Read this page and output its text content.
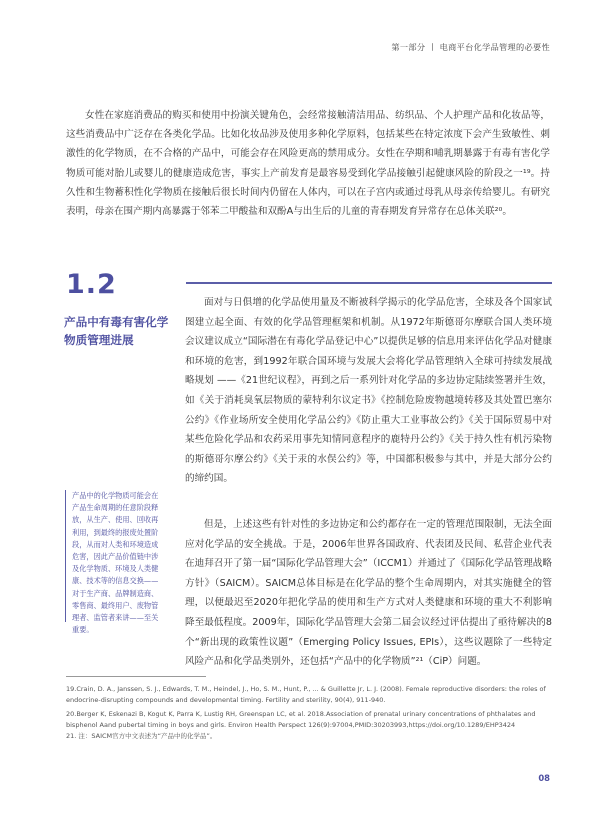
第一部分 丨 电商平台化学品管理的必要性
女性在家庭消费品的购买和使用中扮演关键角色，会经常接触清洁用品、纺织品、个人护理产品和化妆品等，这些消费品中广泛存在各类化学品。比如化妆品涉及使用多种化学原料，包括某些在特定浓度下会产生致敏性、刺激性的化学物质，在不合格的产品中，可能会存在风险更高的禁用成分。女性在孕期和哺乳期暴露于有毒有害化学物质可能对胎儿或婴儿的健康造成危害，事实上产前发育是最容易受到化学品接触引起健康风险的阶段之一¹⁹。持久性和生物蓄积性化学物质在接触后很长时间内仍留在人体内，可以在子宫内或通过母乳从母亲传给婴儿。有研究表明，母亲在围产期内高暴露于邻苯二甲酸盐和双酚A与出生后的儿童的青春期发育异常存在总体关联²⁰。
1.2
产品中有毒有害化学物质管理进展
面对与日俱增的化学品使用量及不断被科学揭示的化学品危害，全球及各个国家试图建立起全面、有效的化学品管理框架和机制。从1972年斯德哥尔摩联合国人类环境会议建议成立“国际潜在有毒化学品登记中心”以提供足够的信息用来评估化学品对健康和环境的危害，到1992年联合国环境与发展大会将化学品管理纳入全球可持续发展战略规划 ——《21世纪议程》，再到之后一系列针对化学品的多边协定陆续签署并生效，如《关于消耗臭氧层物质的蒙特利尔议定书》《控制危险废物越境转移及其处置巴塞尔公约》《作业场所安全使用化学品公约》《防止重大工业事故公约》《关于国际贸易中对某些危险化学品和农药采用事先知情同意程序的鹿特丹公约》《关于持久性有机污染物的斯德哥尔摩公约》《关于汞的水俣公约》等，中国都积极参与其中，并是大部分公约的缔约国。
产品中的化学物质可能会在产品生命周期的任意阶段释放，从生产、使用、回收再利用，到最终的报废处置阶段，从而对人类和环境造成危害，因此产品价值链中涉及化学物质、环境及人类健康、技术等的信息交换——对于生产商、品牌制造商、零售商、最终用户、废物管理者、监管者来讲——至关重要。
但是，上述这些有针对性的多边协定和公约都存在一定的管理范围限制，无法全面应对化学品的安全挑战。于是，2006年世界各国政府、代表团及民间、私营企业代表在迪拜召开了第一届“国际化学品管理大会”（ICCM1）并通过了《国际化学品管理战略方针》（SAICM）。SAICM总体目标是在化学品的整个生命周期内，对其实施健全的管理，以便最迟至2020年把化学品的使用和生产方式对人类健康和环境的重大不利影响降至最低程度。2009年，国际化学品管理大会第二届会议经过评估提出了亟待解决的8个“新出现的政策性议题”（Emerging Policy Issues, EPIs），这些议题除了一些特定风险产品和化学品类别外，还包括“产品中的化学物质”²¹（CiP）问题。

19.Crain, D. A., Janssen, S. J., Edwards, T. M., Heindel, J., Ho, S. M., Hunt, P., ... & Guillette Jr, L. J. (2008). Female reproductive disorders: the roles of endocrine-disrupting compounds and developmental timing. Fertility and sterility, 90(4), 911-940.

20.Berger K, Eskenazi B, Kogut K, Parra K, Lustig RH, Greenspan LC, et al. 2018.Association of prenatal urinary concentrations of phthalates and bisphenol Aand pubertal timing in boys and girls. Environ Health Perspect 126(9):97004,PMID:30203993,https://doi.org/10.1289/EHP3424

21. 注：SAICM官方中文表述为“产品中的化学品”。

08
